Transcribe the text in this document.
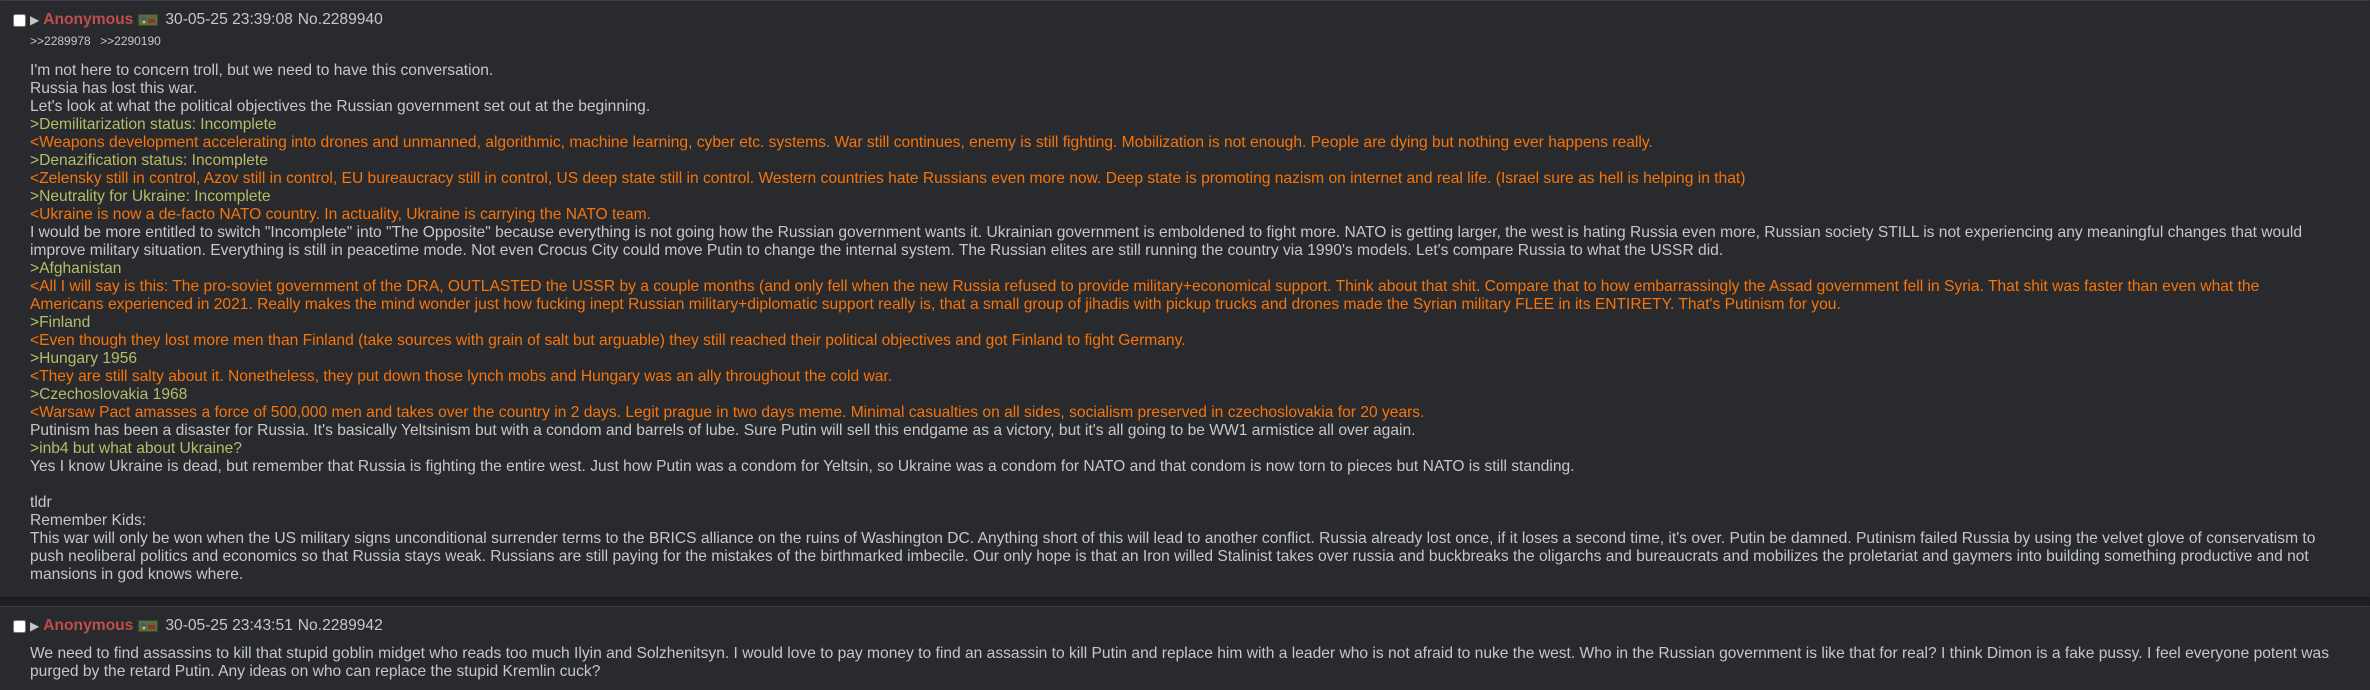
▶ Anonymous 30-05-25 23:39:08 No.2289940
>>2289978 >>2290190
I'm not here to concern troll, but we need to have this conversation.
Russia has lost this war.
Let's look at what the political objectives the Russian government set out at the beginning.
>Demilitarization status: Incomplete
<Weapons development accelerating into drones and unmanned, algorithmic, machine learning, cyber etc. systems. War still continues, enemy is still fighting. Mobilization is not enough. People are dying but nothing ever happens really.
>Denazification status: Incomplete
<Zelensky still in control, Azov still in control, EU bureaucracy still in control, US deep state still in control. Western countries hate Russians even more now. Deep state is promoting nazism on internet and real life. (Israel sure as hell is helping in that)
>Neutrality for Ukraine: Incomplete
<Ukraine is now a de-facto NATO country. In actuality, Ukraine is carrying the NATO team.
I would be more entitled to switch "Incomplete" into "The Opposite" because everything is not going how the Russian government wants it. Ukrainian government is emboldened to fight more. NATO is getting larger, the west is hating Russia even more, Russian society STILL is not experiencing any meaningful changes that would improve military situation. Everything is still in peacetime mode. Not even Crocus City could move Putin to change the internal system. The Russian elites are still running the country via 1990's models. Let's compare Russia to what the USSR did.
>Afghanistan
<All I will say is this: The pro-soviet government of the DRA, OUTLASTED the USSR by a couple months (and only fell when the new Russia refused to provide military+economical support. Think about that shit. Compare that to how embarrassingly the Assad government fell in Syria. That shit was faster than even what the Americans experienced in 2021. Really makes the mind wonder just how fucking inept Russian military+diplomatic support really is, that a small group of jihadis with pickup trucks and drones made the Syrian military FLEE in its ENTIRETY. That's Putinism for you.
>Finland
<Even though they lost more men than Finland (take sources with grain of salt but arguable) they still reached their political objectives and got Finland to fight Germany.
>Hungary 1956
<They are still salty about it. Nonetheless, they put down those lynch mobs and Hungary was an ally throughout the cold war.
>Czechoslovakia 1968
<Warsaw Pact amasses a force of 500,000 men and takes over the country in 2 days. Legit prague in two days meme. Minimal casualties on all sides, socialism preserved in czechoslovakia for 20 years.
Putinism has been a disaster for Russia. It's basically Yeltsinism but with a condom and barrels of lube. Sure Putin will sell this endgame as a victory, but it's all going to be WW1 armistice all over again.
>inb4 but what about Ukraine?
Yes I know Ukraine is dead, but remember that Russia is fighting the entire west. Just how Putin was a condom for Yeltsin, so Ukraine was a condom for NATO and that condom is now torn to pieces but NATO is still standing.
tldr
Remember Kids:
This war will only be won when the US military signs unconditional surrender terms to the BRICS alliance on the ruins of Washington DC. Anything short of this will lead to another conflict. Russia already lost once, if it loses a second time, it's over. Putin be damned. Putinism failed Russia by using the velvet glove of conservatism to push neoliberal politics and economics so that Russia stays weak. Russians are still paying for the mistakes of the birthmarked imbecile. Our only hope is that an Iron willed Stalinist takes over russia and buckbreaks the oligarchs and bureaucrats and mobilizes the proletariat and gaymers into building something productive and not mansions in god knows where.
▶ Anonymous 30-05-25 23:43:51 No.2289942
We need to find assassins to kill that stupid goblin midget who reads too much Ilyin and Solzhenitsyn. I would love to pay money to find an assassin to kill Putin and replace him with a leader who is not afraid to nuke the west. Who in the Russian government is like that for real? I think Dimon is a fake pussy. I feel everyone potent was purged by the retard Putin. Any ideas on who can replace the stupid Kremlin cuck?
